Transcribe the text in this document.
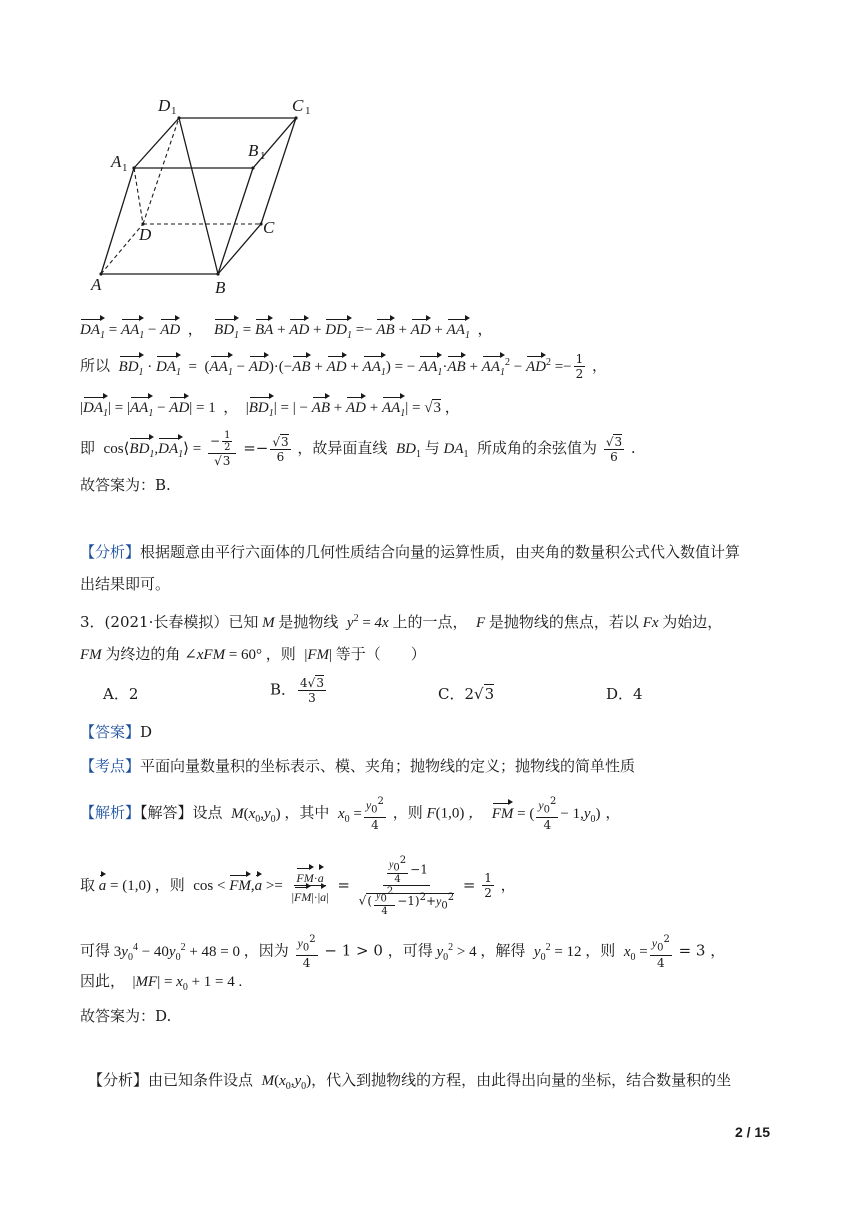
A	B
C
D
A
B
C
D
1
1
1
1
$DA_1 = AA_1$ − AD  ，   $BD_1$ = BA + AD + $DD_1$ =− AB + AD + $AA_1$  ，
所以 $BD_1 \cdot DA_1 = (AA_1 - AD)\cdot(-AB$ + AD + $AA_1$) = − $AA_1\cdot AB + AA_1^2 - AD^2 =- \frac{1}{2}$ ，
$|DA_1| = |AA_1 - AD| = 1$  ，  $|BD_1|$ = | − AB + AD + $AA_1| = √3$ ，
即 $\cos⟨BD_1,DA_1⟩ = \frac{- \frac{1}{2}}{√3} =- \frac{√3}{6}$ ，故异面直线  $BD_1$ 与 $DA_1$ 所成角的余弦值为 $\frac{√3}{6}$ .
故答案为：B.
【分析】根据题意由平行六面体的几何性质结合向量的运算性质，由夹角的数量积公式代入数值计算
出结果即可。
3．(2021·长春模拟）已知 M 是抛物线  $y^2 = 4x$ 上的一点，  F 是抛物线的焦点，若以 Fx 为始边，
FM 为终边的角 ∠xFM = 60° ，则 |FM| 等于（　　）
A．2	B． $\frac{4√3}{3}$	C．2√3	D．4
【答案】D
【考点】平面向量数量积的坐标表示、模、夹角；抛物线的定义；抛物线的简单性质
【解析】【解答】设点  $M(x_0,y_0)$ ，其中  $x_0 = \frac{y_0^2}{4}$ ，则 F(1,0) ，  FM = ( $\frac{y_0^2}{4} - 1,y_0$) ，
取 a = (1,0) ，则 $\cos < FM,a >= \frac{FM\cdot a}{|FM|\cdot|a|} = \frac{\frac{y_0^2}{4} -1}{√( \frac{y_0^2}{4} -1)^2+y_0^2} = \frac{1}{2}$ ，
可得 $3y_0^4 - 40y_0^2 + 48 = 0$ ，因为 $\frac{y_0^2}{4} - 1 > 0$ ，可得 $y_0^2 > 4$ ，解得  $y_0^2 = 12$ ，则  $x_0 = \frac{y_0^2}{4} = 3$ ，
因此， $|MF| = x_0 + 1 = 4$ .
故答案为：D.
【分析】由已知条件设点  $M(x_0,y_0)$，代入到抛物线的方程，由此得出向量的坐标，结合数量积的坐
2 / 15
